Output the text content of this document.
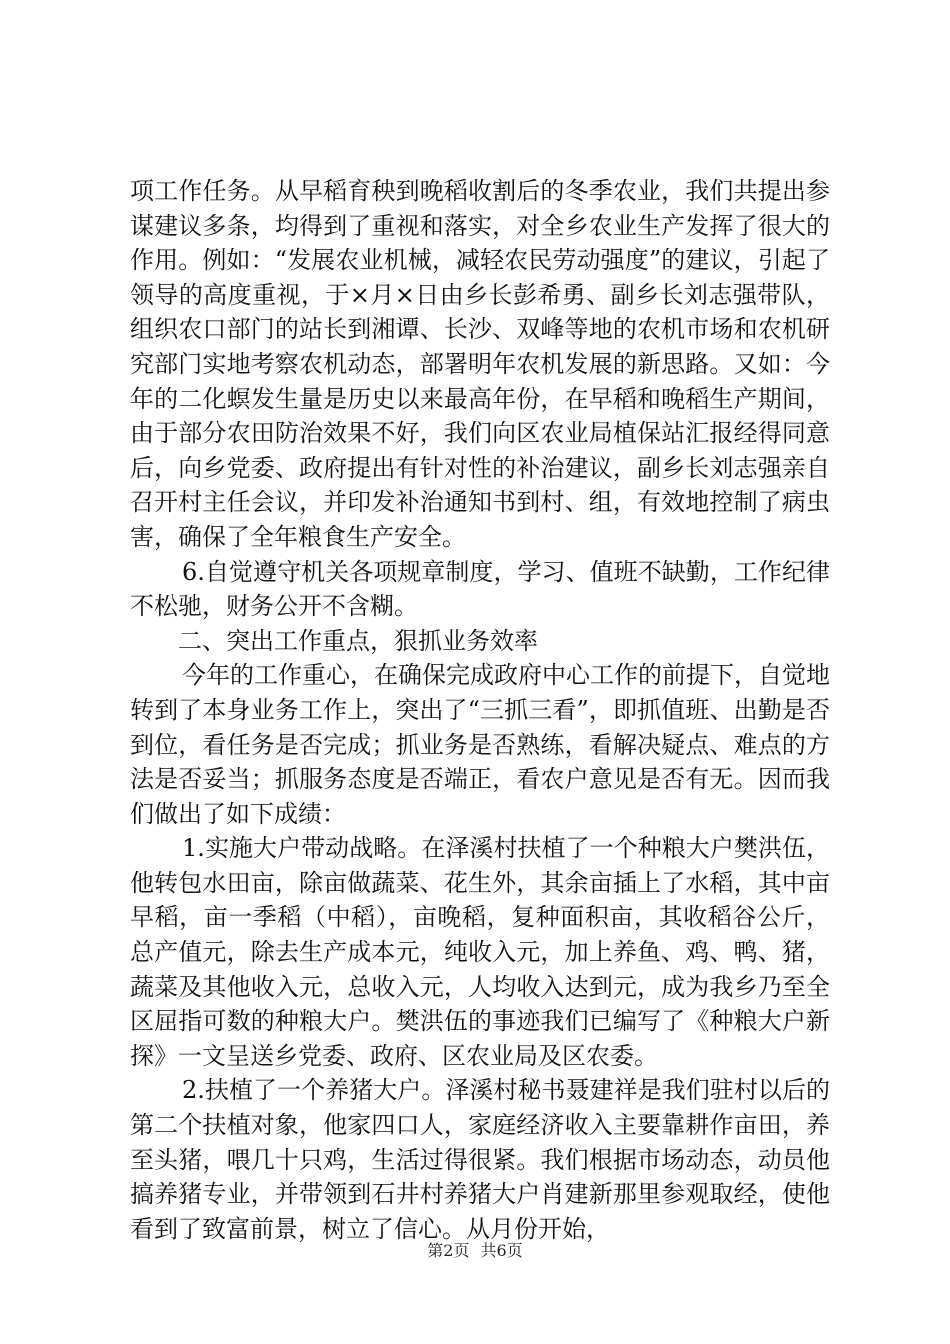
项工作任务。从早稻育秧到晚稻收割后的冬季农业，我们共提出参谋建议多条，均得到了重视和落实，对全乡农业生产发挥了很大的作用。例如：“发展农业机械，减轻农民劳动强度”的建议，引起了领导的高度重视，于×月×日由乡长彭希勇、副乡长刘志强带队，组织农口部门的站长到湘谭、长沙、双峰等地的农机市场和农机研究部门实地考察农机动态，部署明年农机发展的新思路。又如：今年的二化螟发生量是历史以来最高年份，在早稻和晚稻生产期间，由于部分农田防治效果不好，我们向区农业局植保站汇报经得同意后，向乡党委、政府提出有针对性的补治建议，副乡长刘志强亲自召开村主任会议，并印发补治通知书到村、组，有效地控制了病虫害，确保了全年粮食生产安全。

6.自觉遵守机关各项规章制度，学习、值班不缺勤，工作纪律不松驰，财务公开不含糊。

二、突出工作重点，狠抓业务效率

今年的工作重心，在确保完成政府中心工作的前提下，自觉地转到了本身业务工作上，突出了“三抓三看”，即抓值班、出勤是否到位，看任务是否完成；抓业务是否熟练，看解决疑点、难点的方法是否妥当；抓服务态度是否端正，看农户意见是否有无。因而我们做出了如下成绩：

1.实施大户带动战略。在泽溪村扶植了一个种粮大户樊洪伍，他转包水田亩，除亩做蔬菜、花生外，其余亩插上了水稻，其中亩早稻，亩一季稻（中稻），亩晚稻，复种面积亩，其收稻谷公斤，总产值元，除去生产成本元，纯收入元，加上养鱼、鸡、鸭、猪，蔬菜及其他收入元，总收入元，人均收入达到元，成为我乡乃至全区屈指可数的种粮大户。樊洪伍的事迹我们已编写了《种粮大户新探》一文呈送乡党委、政府、区农业局及区农委。

2.扶植了一个养猪大户。泽溪村秘书聂建祥是我们驻村以后的第二个扶植对象，他家四口人，家庭经济收入主要靠耕作亩田，养至头猪，喂几十只鸡，生活过得很紧。我们根据市场动态，动员他搞养猪专业，并带领到石井村养猪大户肖建新那里参观取经，使他看到了致富前景，树立了信心。从月份开始，

第2页 共6页
